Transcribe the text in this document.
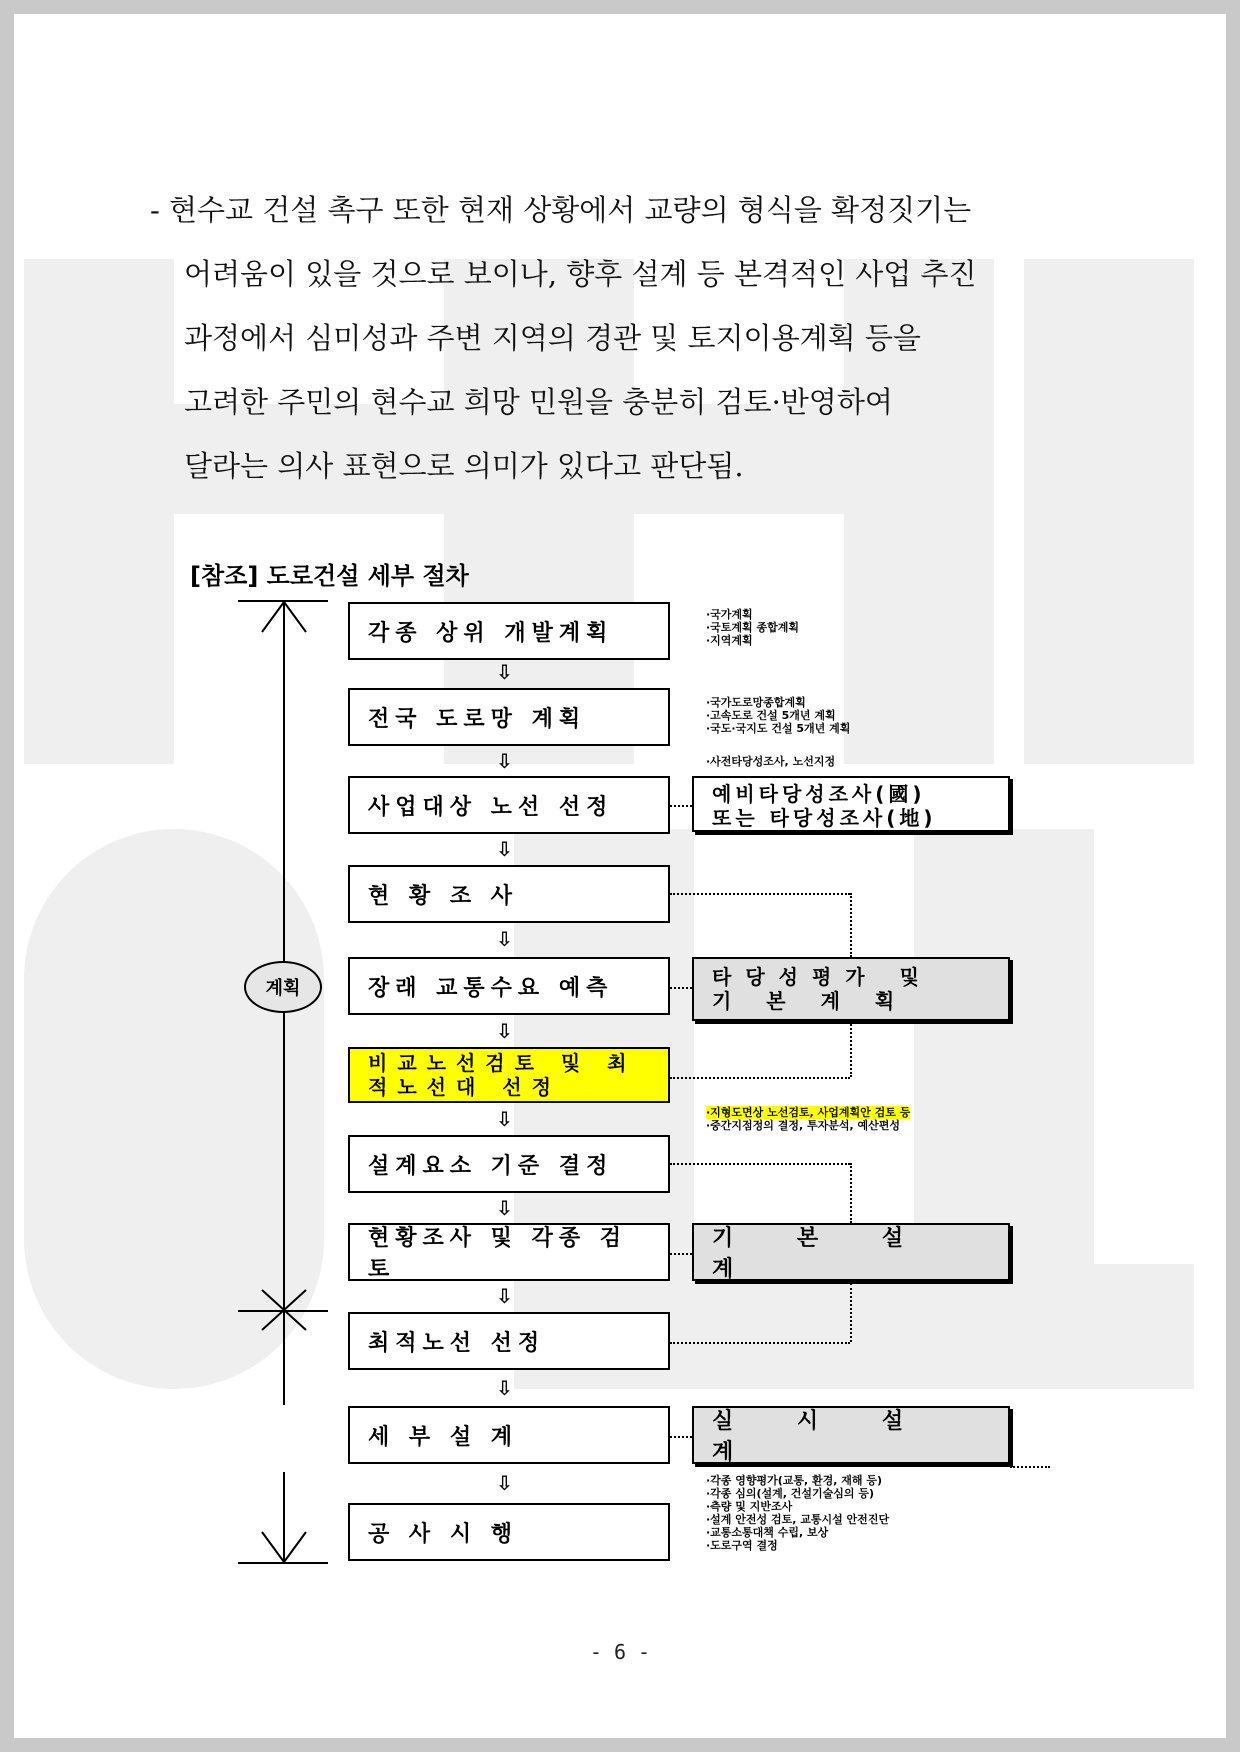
- 현수교 건설 촉구 또한 현재 상황에서 교량의 형식을 확정짓기는
어려움이 있을 것으로 보이나, 향후 설계 등 본격적인 사업 추진
과정에서 심미성과 주변 지역의 경관 및 토지이용계획 등을
고려한 주민의 현수교 희망 민원을 충분히 검토·반영하여
달라는 의사 표현으로 의미가 있다고 판단됨.
[참조] 도로건설 세부 절차
계획
각종 상위 개발계획
⇩
전국 도로망 계획
⇩
사업대상 노선 선정
⇩
현 황 조 사
⇩
장래 교통수요 예측
⇩
비교노선검토 및 최적노선대 선정
⇩
설계요소 기준 결정
⇩
현황조사 및 각종 검토
⇩
최적노선 선정
⇩
세 부 설 계
⇩
공 사 시 행
예비타당성조사(國)
또는 타당성조사(地)
타당성평가 및
기 본 계 획
기 본 설 계
실 시 설 계
·국가계획
·국토계획 종합계획
·지역계획
·국가도로망종합계획
·고속도로 건설 5개년 계획
·국도·국지도 건설 5개년 계획
·사전타당성조사, 노선지정
·지형도면상 노선검토, 사업계획안 검토 등
·중간지점정의 결정, 투자분석, 예산편성
·각종 영향평가(교통, 환경, 재해 등)
·각종 심의(설계, 건설기술심의 등)
·측량 및 지반조사
·설계 안전성 검토, 교통시설 안전진단
·교통소통대책 수립, 보상
·도로구역 결정
- 6 -
